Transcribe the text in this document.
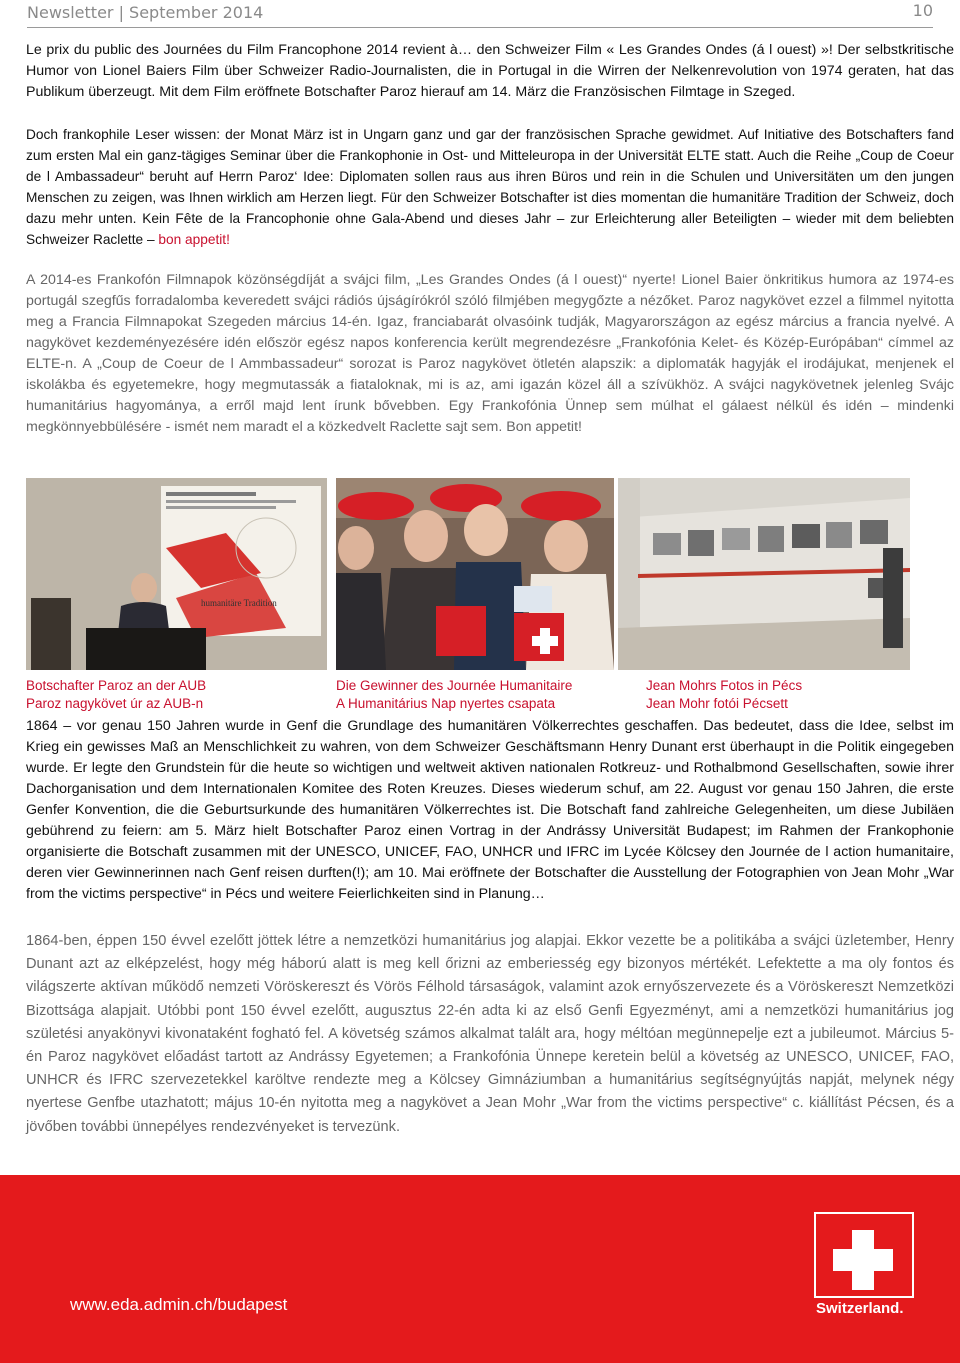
Newsletter | September 2014	10

Le prix du public des Journées du Film Francophone 2014 revient à… den Schweizer Film « Les Grandes Ondes (á l ouest) »! Der selbstkritische Humor von Lionel Baiers Film über Schweizer Radio-Journalisten, die in Portugal in die Wirren der Nelkenrevolution von 1974 geraten, hat das Publikum überzeugt. Mit dem Film eröffnete Botschafter Paroz hierauf am 14. März die Französischen Filmtage in Szeged.

Doch frankophile Leser wissen: der Monat März ist in Ungarn ganz und gar der französischen Sprache gewidmet. Auf Initiative des Botschafters fand zum ersten Mal ein ganz-tägiges Seminar über die Frankophonie in Ost- und Mitteleuropa in der Universität ELTE statt. Auch die Reihe „Coup de Coeur de l Ambassadeur“ beruht auf Herrn Paroz‘ Idee: Diplomaten sollen raus aus ihren Büros und rein in die Schulen und Universitäten um den jungen Menschen zu zeigen, was Ihnen wirklich am Herzen liegt. Für den Schweizer Botschafter ist dies momentan die humanitäre Tradition der Schweiz, doch dazu mehr unten. Kein Fête de la Francophonie ohne Gala-Abend und dieses Jahr – zur Erleichterung aller Beteiligten – wieder mit dem beliebten Schweizer Raclette – bon appetit!

A 2014-es Frankofón Filmnapok közönségdíját a svájci film, „Les Grandes Ondes (á l ouest)“ nyerte! Lionel Baier önkritikus humora az 1974-es portugál szegfűs forradalomba keveredett svájci rádiós újságírókról szóló filmjében megygőzte a nézőket. Paroz nagykövet ezzel a filmmel nyitotta meg a Francia Filmnapokat Szegeden március 14-én. Igaz, franciabarát olvasóink tudják, Magyarországon az egész március a francia nyelvé. A nagykövet kezdeményezésére idén először egész napos konferencia került megrendezésre „Frankofónia Kelet- és Közép-Európában“ címmel az ELTE-n. A „Coup de Coeur de l Ammbassadeur“ sorozat is Paroz nagykövet ötletén alapszik: a diplomaták hagyják el irodájukat, menjenek el iskolákba és egyetemekre, hogy megmutassák a fiataloknak, mi is az, ami igazán közel áll a szívükhöz. A svájci nagykövetnek jelenleg Svájc humanitárius hagyománya, a erről majd lent írunk bővebben. Egy Frankofónia Ünnep sem múlhat el gálaest nélkül és idén – mindenki megkönnyebbülésére - ismét nem maradt el a közkedvelt Raclette sajt sem. Bon appetit!

humanitäre Tradition
Botschafter Paroz an der AUB
Paroz nagykövet úr az AUB-n
Die Gewinner des Journée Humanitaire
A Humanitárius Nap nyertes csapata
Jean Mohrs Fotos in Pécs
Jean Mohr fotói Pécsett

1864 – vor genau 150 Jahren wurde in Genf die Grundlage des humanitären Völkerrechtes geschaffen. Das bedeutet, dass die Idee, selbst im Krieg ein gewisses Maß an Menschlichkeit zu wahren, von dem Schweizer Geschäftsmann Henry Dunant erst überhaupt in die Politik eingegeben wurde. Er legte den Grundstein für die heute so wichtigen und weltweit aktiven nationalen Rotkreuz- und Rothalbmond Gesellschaften, sowie ihrer Dachorganisation und dem Internationalen Komitee des Roten Kreuzes. Dieses wiederum schuf, am 22. August vor genau 150 Jahren, die erste Genfer Konvention, die die Geburtsurkunde des humanitären Völkerrechtes ist. Die Botschaft fand zahlreiche Gelegenheiten, um diese Jubiläen gebührend zu feiern: am 5. März hielt Botschafter Paroz einen Vortrag in der Andrássy Universität Budapest; im Rahmen der Frankophonie organisierte die Botschaft zusammen mit der UNESCO, UNICEF, FAO, UNHCR und IFRC im Lycée Kölcsey den Journée de l action humanitaire, deren vier Gewinnerinnen nach Genf reisen durften(!); am 10. Mai eröffnete der Botschafter die Ausstellung der Fotographien von Jean Mohr „War from the victims perspective“ in Pécs und weitere Feierlichkeiten sind in Planung…

1864-ben, éppen 150 évvel ezelőtt jöttek létre a nemzetközi humanitárius jog alapjai. Ekkor vezette be a politikába a svájci üzletember, Henry Dunant azt az elképzelést, hogy még háború alatt is meg kell őrizni az emberiesség egy bizonyos mértékét. Lefektette a ma oly fontos és világszerte aktívan működő nemzeti Vöröskereszt és Vörös Félhold társaságok, valamint azok ernyőszervezete és a Vöröskereszt Nemzetközi Bizottsága alapjait. Utóbbi pont 150 évvel ezelőtt, augusztus 22-én adta ki az első Genfi Egyezményt, ami a nemzetközi humanitárius jog születési anyakönyvi kivonataként fogható fel. A követség számos alkalmat talált ara, hogy méltóan megünnepelje ezt a jubileumot. Március 5-én Paroz nagykövet előadást tartott az Andrássy Egyetemen; a Frankofónia Ünnepe keretein belül a követség az UNESCO, UNICEF, FAO, UNHCR és IFRC szervezetekkel karöltve rendezte meg a Kölcsey Gimnáziumban a humanitárius segítségnyújtás napját, melynek négy nyertese Genfbe utazhatott; május 10-én nyitotta meg a nagykövet a Jean Mohr „War from the victims perspective“ c. kiállítást Pécsen, és a jövőben további ünnepélyes rendezvényeket is tervezünk.

www.eda.admin.ch/budapest	Switzerland.
